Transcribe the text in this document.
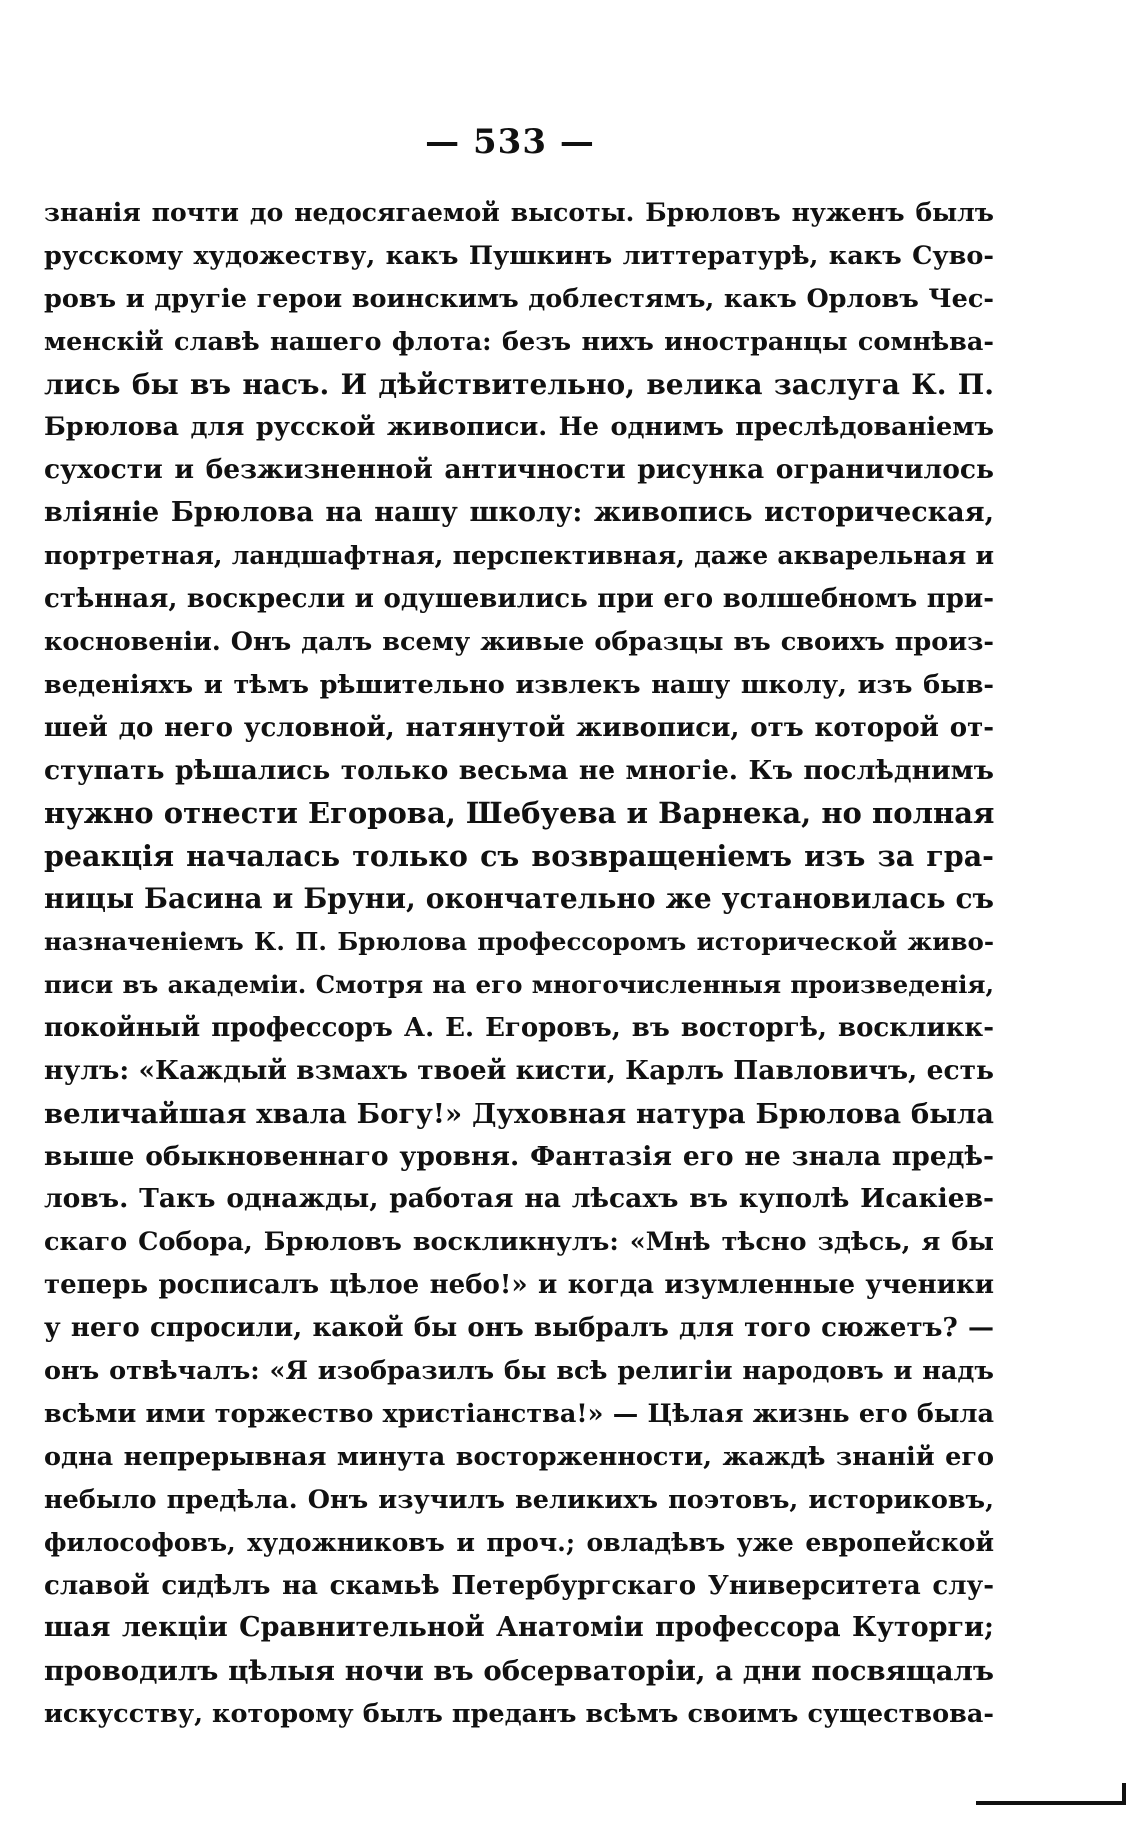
— 533 —
знанія почти до недосягаемой высоты. Брюловъ нуженъ былъ
русскому художеству, какъ Пушкинъ литтературѣ, какъ Суво-
ровъ и другіе герои воинскимъ доблестямъ, какъ Орловъ Чес-
менскій славѣ нашего флота: безъ нихъ иностранцы сомнѣва-
лись бы въ насъ. И дѣйствительно, велика заслуга К. П.
Брюлова для русской живописи. Не однимъ преслѣдованіемъ
сухости и безжизненной античности рисунка ограничилось
вліяніе Брюлова на нашу школу: живопись историческая,
портретная, ландшафтная, перспективная, даже акварельная и
стѣнная, воскресли и одушевились при его волшебномъ при-
косновеніи. Онъ далъ всему живые образцы въ своихъ произ-
веденіяхъ и тѣмъ рѣшительно извлекъ нашу школу, изъ быв-
шей до него условной, натянутой живописи, отъ которой от-
ступать рѣшались только весьма не многіе. Къ послѣднимъ
нужно отнести Егорова, Шебуева и Варнека, но полная
реакція началась только съ возвращеніемъ изъ за гра-
ницы Басина и Бруни, окончательно же установилась съ
назначеніемъ К. П. Брюлова профессоромъ исторической живо-
писи въ академіи. Смотря на его многочисленныя произведенія,
покойный профессоръ А. Е. Егоровъ, въ восторгѣ, воскликк-
нулъ: «Каждый взмахъ твоей кисти, Карлъ Павловичъ, есть
величайшая хвала Богу!» Духовная натура Брюлова была
выше обыкновеннаго уровня. Фантазія его не знала предѣ-
ловъ. Такъ однажды, работая на лѣсахъ въ куполѣ Исакіев-
скаго Собора, Брюловъ воскликнулъ: «Мнѣ тѣсно здѣсь, я бы
теперь росписалъ цѣлое небо!» и когда изумленные ученики
у него спросили, какой бы онъ выбралъ для того сюжетъ? —
онъ отвѣчалъ: «Я изобразилъ бы всѣ религіи народовъ и надъ
всѣми ими торжество христіанства!» — Цѣлая жизнь его была
одна непрерывная минута восторженности, жаждѣ знаній его
небыло предѣла. Онъ изучилъ великихъ поэтовъ, историковъ,
философовъ, художниковъ и проч.; овладѣвъ уже европейской
славой сидѣлъ на скамьѣ Петербургскаго Университета слу-
шая лекціи Сравнительной Анатоміи профессора Куторги;
проводилъ цѣлыя ночи въ обсерваторіи, а дни посвящалъ
искусству, которому былъ преданъ всѣмъ своимъ существова-
